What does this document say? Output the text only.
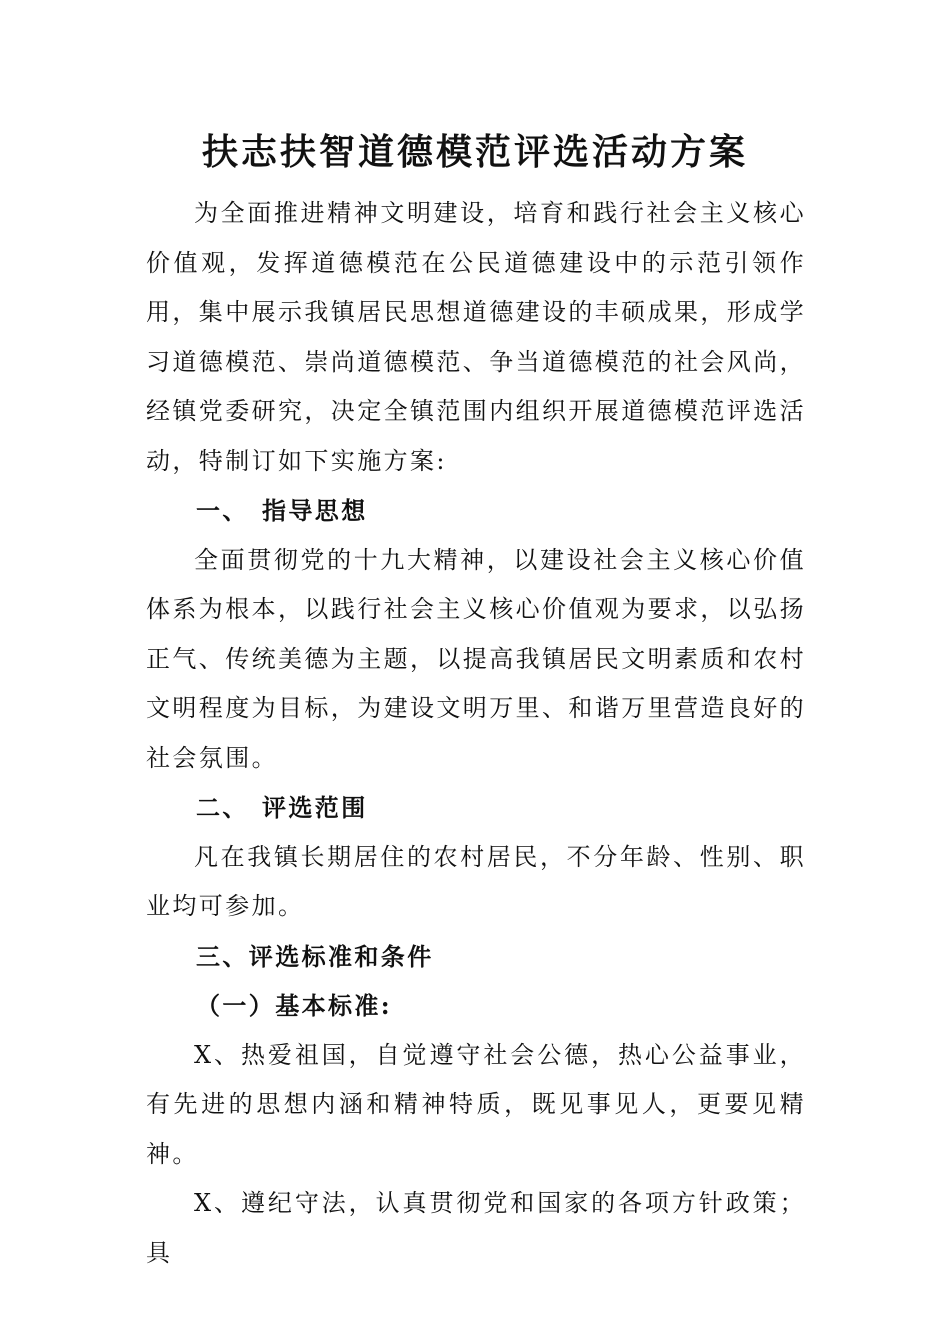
扶志扶智道德模范评选活动方案

为全面推进精神文明建设，培育和践行社会主义核心价值观，发挥道德模范在公民道德建设中的示范引领作用，集中展示我镇居民思想道德建设的丰硕成果，形成学习道德模范、崇尚道德模范、争当道德模范的社会风尚，经镇党委研究，决定全镇范围内组织开展道德模范评选活动，特制订如下实施方案:

一、 指导思想

全面贯彻党的十九大精神，以建设社会主义核心价值体系为根本，以践行社会主义核心价值观为要求，以弘扬正气、传统美德为主题，以提高我镇居民文明素质和农村文明程度为目标，为建设文明万里、和谐万里营造良好的社会氛围。

二、 评选范围

凡在我镇长期居住的农村居民，不分年龄、性别、职业均可参加。

三、评选标准和条件

（一）基本标准:

X、热爱祖国，自觉遵守社会公德，热心公益事业，有先进的思想内涵和精神特质，既见事见人，更要见精神。

X、遵纪守法，认真贯彻党和国家的各项方针政策；具
